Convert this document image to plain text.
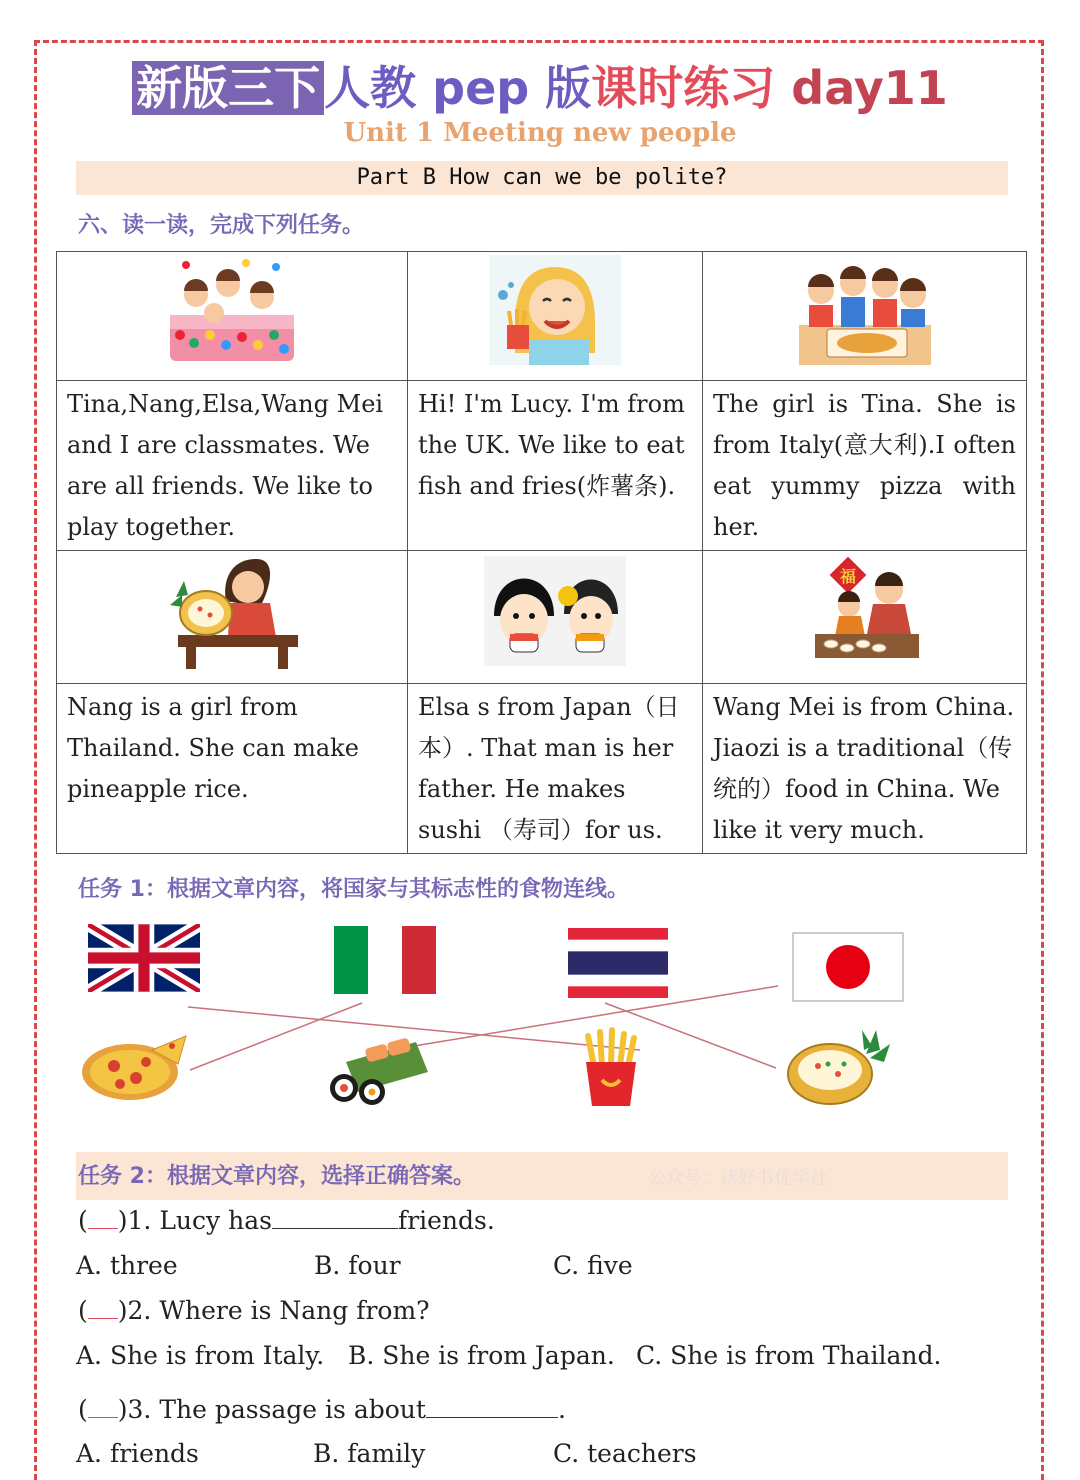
新版三下人教 pep 版课时练习 day11
Unit 1 Meeting new people
Part B How can we be polite?
六、读一读，完成下列任务。

Tina,Nang,Elsa,Wang Mei and I are classmates. We are all friends. We like to play together.	Hi! I'm Lucy. I'm from the UK. We like to eat fish and fries(炸薯条).	The girl is Tina. She is from Italy(意大利).I often eat yummy pizza with her.

福

Nang is a girl from Thailand. She can make pineapple rice.	Elsa s from Japan（日本）. That man is her father. He makes sushi （寿司）for us.	Wang Mei is from China. Jiaozi is a traditional（传统的）food in China. We like it very much.
任务 1：根据文章内容，将国家与其标志性的食物连线。
任务 2：根据文章内容，选择正确答案。	公众号：读好书优学社
( )1. Lucy has	friends.
A. three	B. four	C. five
( )2. Where is Nang from?
A. She is from Italy. B. She is from Japan. C. She is from Thailand.
( )3. The passage is about	.
A. friends	B. family	C. teachers
